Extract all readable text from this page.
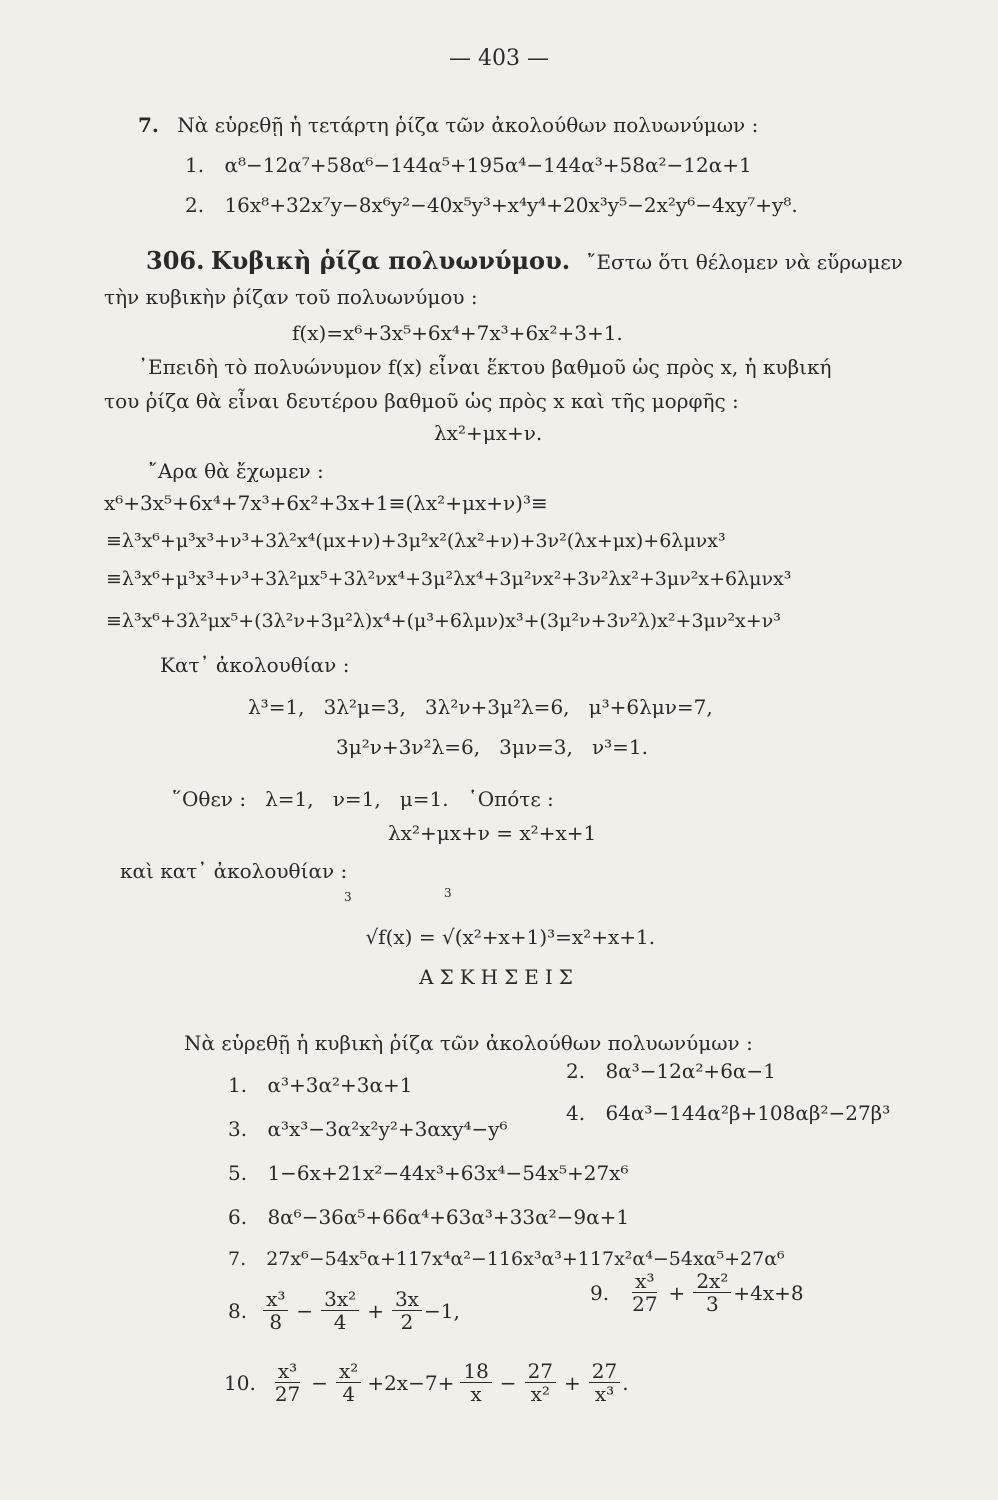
— 403 —
7. Νὰ εὑρεθῇ ἡ τετάρτη ῥίζα τῶν ἀκολούθων πολυωνύμων :
1. α⁸−12α⁷+58α⁶−144α⁵+195α⁴−144α³+58α²−12α+1
2. 16x⁸+32x⁷y−8x⁶y²−40x⁵y³+x⁴y⁴+20x³y⁵−2x²y⁶−4xy⁷+y⁸.
306. Κυβικὴ ῥίζα πολυωνύμου. ῎Εστω ὅτι θέλομεν νὰ εὕρωμεν
τὴν κυβικὴν ῥίζαν τοῦ πολυωνύμου :
f(x)=x⁶+3x⁵+6x⁴+7x³+6x²+3+1.
᾽Επειδὴ τὸ πολυώνυμον f(x) εἶναι ἕκτου βαθμοῦ ὡς πρὸς x, ἡ κυβική
του ῥίζα θὰ εἶναι δευτέρου βαθμοῦ ὡς πρὸς x καὶ τῆς μορφῆς :
λx²+μx+ν.
῎Αρα θὰ ἔχωμεν :
x⁶+3x⁵+6x⁴+7x³+6x²+3x+1≡(λx²+μx+ν)³≡
≡λ³x⁶+μ³x³+ν³+3λ²x⁴(μx+ν)+3μ²x²(λx²+ν)+3ν²(λx+μx)+6λμνx³
≡λ³x⁶+μ³x³+ν³+3λ²μx⁵+3λ²νx⁴+3μ²λx⁴+3μ²νx²+3ν²λx²+3μν²x+6λμνx³
≡λ³x⁶+3λ²μx⁵+(3λ²ν+3μ²λ)x⁴+(μ³+6λμν)x³+(3μ²ν+3ν²λ)x²+3μν²x+ν³
Κατ᾽ ἀκολουθίαν :
λ³=1,   3λ²μ=3,   3λ²ν+3μ²λ=6,   μ³+6λμν=7,
3μ²ν+3ν²λ=6,   3μν=3,   ν³=1.
῞Οθεν :   λ=1,   ν=1,   μ=1.   ῾Οπότε :
λx²+μx+ν = x²+x+1
καὶ κατ᾽ ἀκολουθίαν :
3	3

√f(x) = √(x²+x+1)³=x²+x+1.

ΑΣΚΗΣΕΙΣ
Νὰ εὑρεθῇ ἡ κυβικὴ ῥίζα τῶν ἀκολούθων πολυωνύμων :
1. α³+3α²+3α+1
2. 8α³−12α²+6α−1
3. α³x³−3α²x²y²+3αxy⁴−y⁶
4. 64α³−144α²β+108αβ²−27β³
5. 1−6x+21x²−44x³+63x⁴−54x⁵+27x⁶
6. 8α⁶−36α⁵+66α⁴+63α³+33α²−9α+1
7. 27x⁶−54x⁵α+117x⁴α²−116x³α³+117x²α⁴−54xα⁵+27α⁶
8. $\frac{\text{x³}}{8} - \frac{\text{3x²}}{4} + \frac{3x}{2} -1$,
9. $\frac{\text{x³}}{27} + \frac{\text{2x²}}{3} +4x+8$
10. $\frac{\text{x³}}{27} - \frac{\text{x²}}{4} +2x-7+ \frac{18}{x} - \frac{27}{\text{x²}} + \frac{27}{\text{x³}}$ .
